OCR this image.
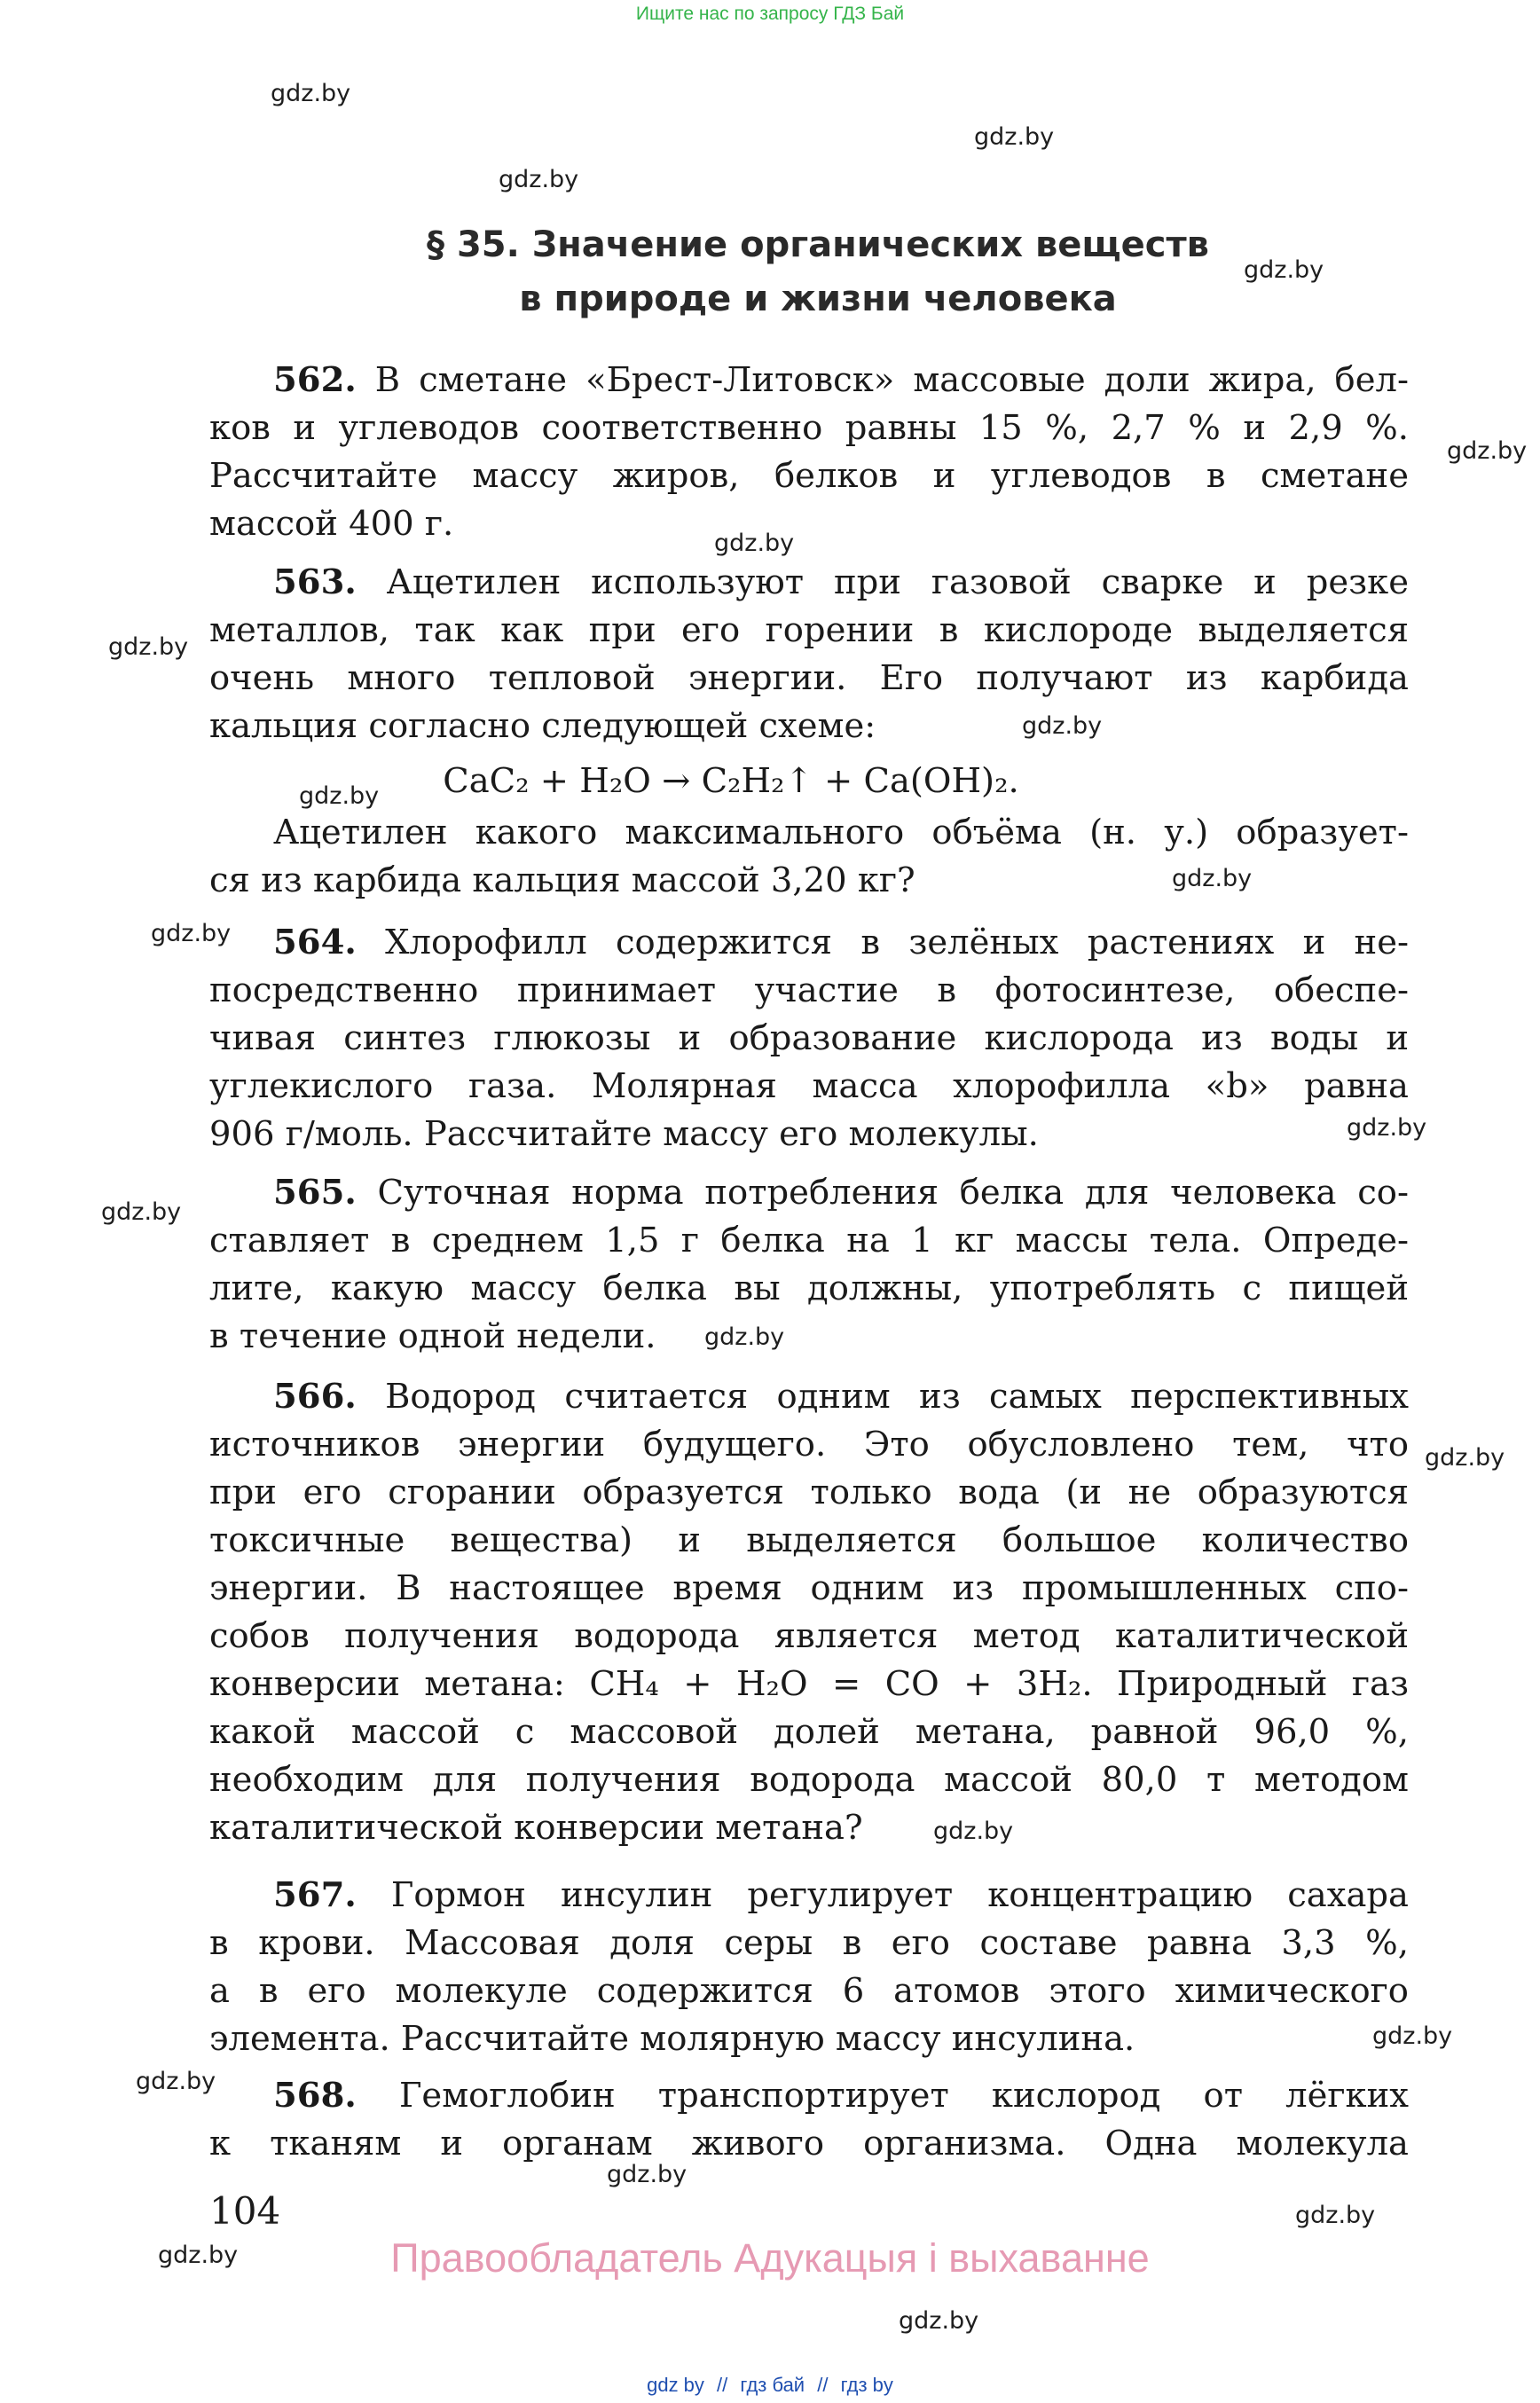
Ищите нас по запросу ГДЗ Бай
gdz.by
gdz.by
gdz.by
gdz.by
gdz.by
gdz.by
gdz.by
gdz.by
gdz.by
gdz.by
gdz.by
gdz.by
gdz.by
gdz.by
gdz.by
gdz.by
gdz.by
gdz.by
gdz.by
gdz.by
gdz.by
gdz.by
§ 35. Значение органических веществ
в природе и жизни человека
562. В сметане «Брест-Литовск» массовые доли жира, бел-
ков и углеводов соответственно равны 15 %, 2,7 % и 2,9 %.
Рассчитайте массу жиров, белков и углеводов в сметане
массой 400 г.
563. Ацетилен используют при газовой сварке и резке
металлов, так как при его горении в кислороде выделяется
очень много тепловой энергии. Его получают из карбида
кальция согласно следующей схеме:
CaC₂ + H₂O → C₂H₂↑ + Ca(OH)₂.
Ацетилен какого максимального объёма (н. у.) образует-
ся из карбида кальция массой 3,20 кг?
564. Хлорофилл содержится в зелёных растениях и не-
посредственно принимает участие в фотосинтезе, обеспе-
чивая синтез глюкозы и образование кислорода из воды и
углекислого газа. Молярная масса хлорофилла «b» равна
906 г/моль. Рассчитайте массу его молекулы.
565. Суточная норма потребления белка для человека со-
ставляет в среднем 1,5 г белка на 1 кг массы тела. Опреде-
лите, какую массу белка вы должны, употреблять с пищей
в течение одной недели.
566. Водород считается одним из самых перспективных
источников энергии будущего. Это обусловлено тем, что
при его сгорании образуется только вода (и не образуются
токсичные вещества) и выделяется большое количество
энергии. В настоящее время одним из промышленных спо-
собов получения водорода является метод каталитической
конверсии метана: CH₄ + H₂O = CO + 3H₂. Природный газ
какой массой с массовой долей метана, равной 96,0 %,
необходим для получения водорода массой 80,0 т методом
каталитической конверсии метана?
567. Гормон инсулин регулирует концентрацию сахара
в крови. Массовая доля серы в его составе равна 3,3 %,
а в его молекуле содержится 6 атомов этого химического
элемента. Рассчитайте молярную массу инсулина.
568. Гемоглобин транспортирует кислород от лёгких
к тканям и органам живого организма. Одна молекула
104
Правообладатель Адукацыя і выхаванне
gdz by // гдз бай // гдз by
